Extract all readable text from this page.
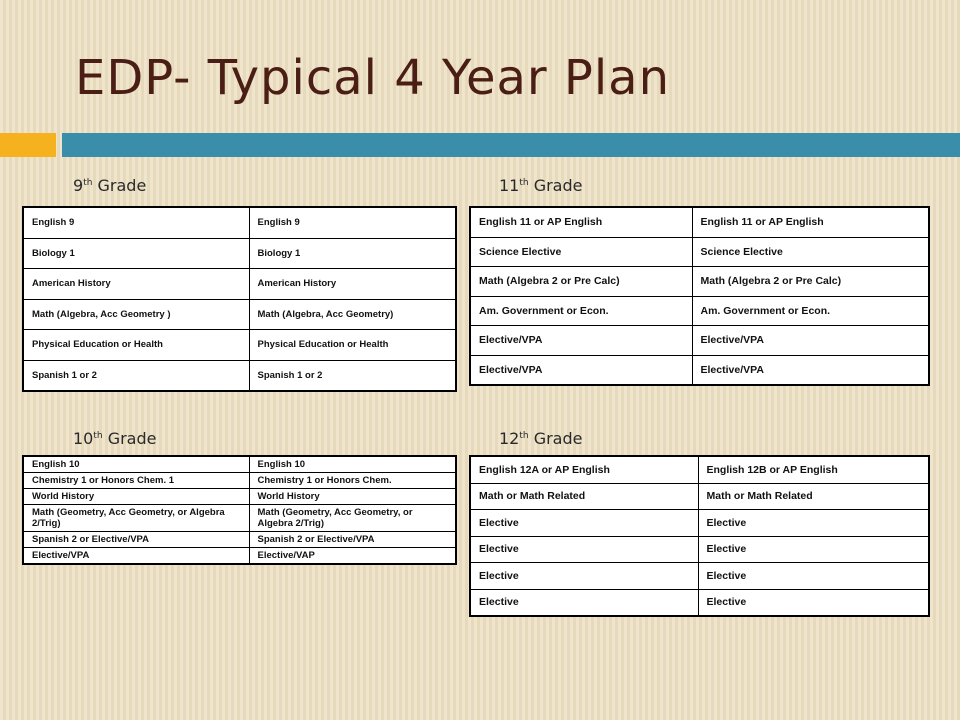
EDP- Typical 4 Year Plan
9th Grade
English 9	English 9
Biology 1	Biology 1
American History	American History
Math (Algebra, Acc Geometry )	Math (Algebra, Acc Geometry)
Physical Education or Health	Physical Education or Health
Spanish 1 or 2	Spanish 1 or 2
11th Grade
English 11 or AP English	English 11 or AP English
Science Elective	Science Elective
Math (Algebra 2 or Pre Calc)	Math (Algebra 2 or Pre Calc)
Am. Government or Econ.	Am. Government or Econ.
Elective/VPA	Elective/VPA
Elective/VPA	Elective/VPA
10th Grade
English 10	English 10
Chemistry 1 or Honors Chem. 1	Chemistry 1 or Honors Chem.
World History	World History
Math (Geometry, Acc Geometry, or Algebra 2/Trig)	Math (Geometry, Acc Geometry, or Algebra 2/Trig)
Spanish 2 or Elective/VPA	Spanish 2 or Elective/VPA
Elective/VPA	Elective/VAP
12th Grade
English 12A or AP English	English 12B or AP English
Math or Math Related	Math or Math Related
Elective	Elective
Elective	Elective
Elective	Elective
Elective	Elective
